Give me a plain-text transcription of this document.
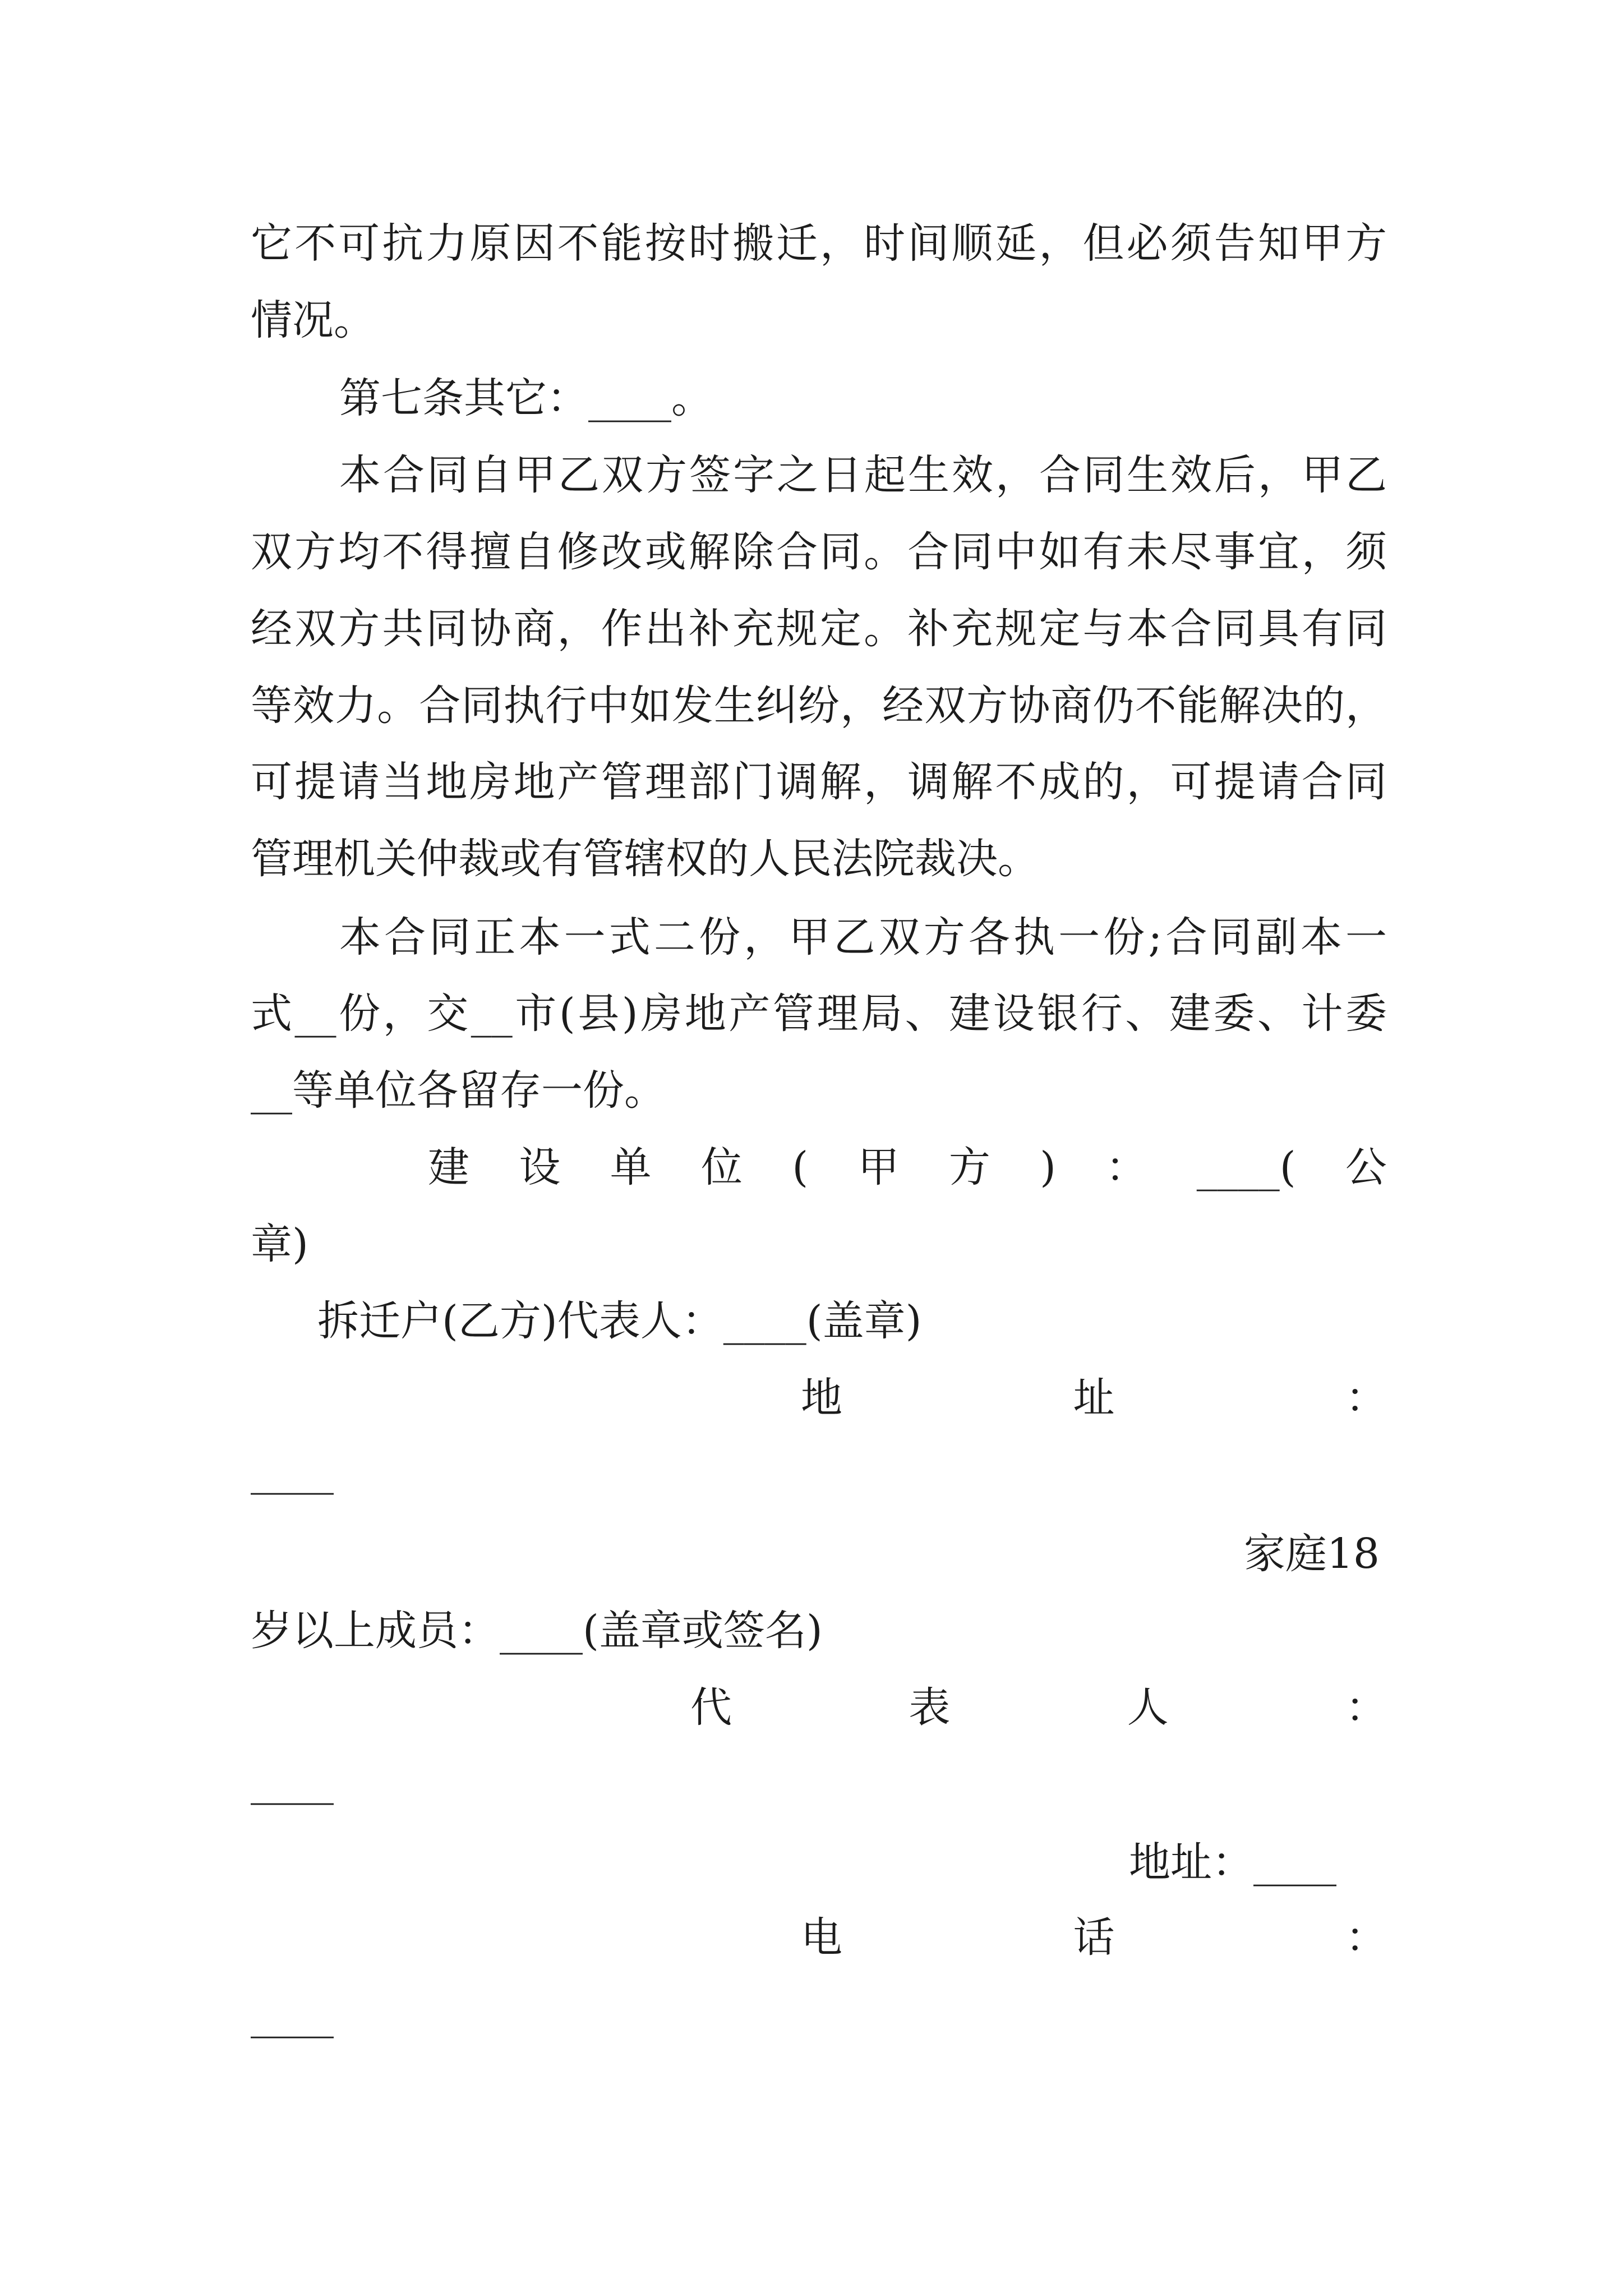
它不可抗力原因不能按时搬迁，时间顺延，但必须告知甲方
情况。
第七条其它：____。
本合同自甲乙双方签字之日起生效，合同生效后，甲乙
双方均不得擅自修改或解除合同。合同中如有未尽事宜，须
经双方共同协商，作出补充规定。补充规定与本合同具有同
等效力。合同执行中如发生纠纷，经双方协商仍不能解决的，
可提请当地房地产管理部门调解，调解不成的，可提请合同
管理机关仲裁或有管辖权的人民法院裁决。
本合同正本一式二份，甲乙双方各执一份;合同副本一
式__份，交__市(县)房地产管理局、建设银行、建委、计委
__等单位各留存一份。
建 设 单 位 ( 甲 方 ) ： ____( 公
章)
拆迁户(乙方)代表人：____(盖章)
地	址	：
____
家庭18
岁以上成员：____(盖章或签名)
代	表	人	：
____
地址：____
电	话	：
____
